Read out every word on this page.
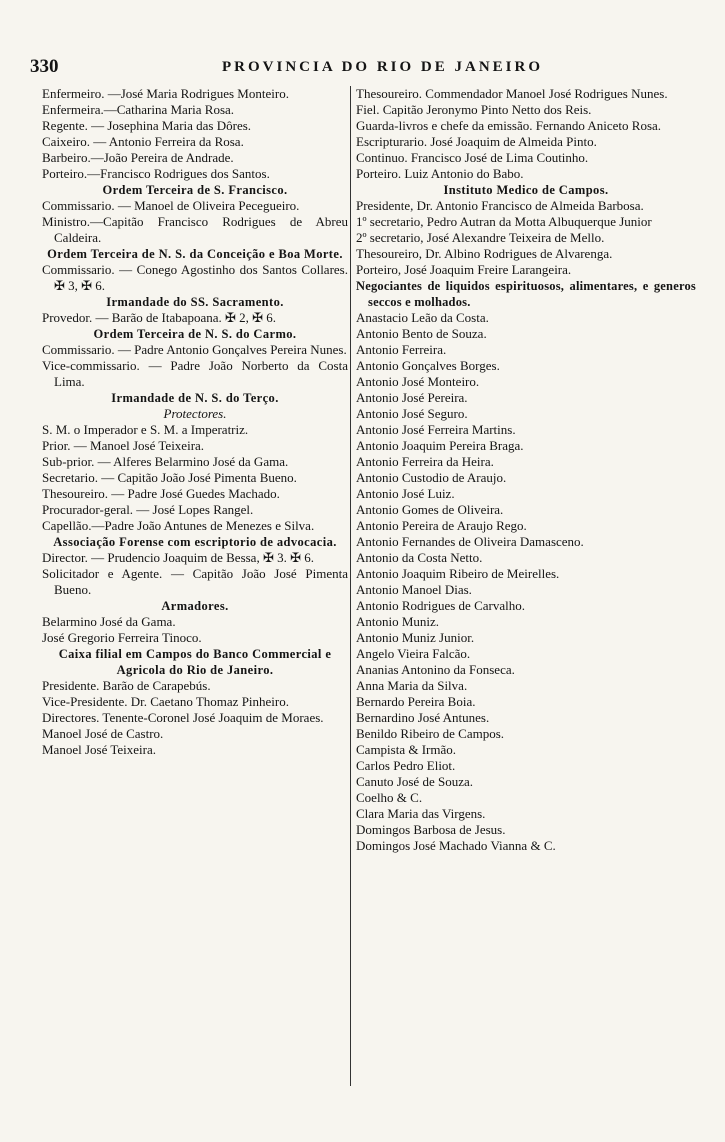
330	PROVINCIA DO RIO DE JANEIRO

Enfermeiro. —José Maria Rodrigues Monteiro.

Enfermeira.—Catharina Maria Rosa.

Regente. — Josephina Maria das Dôres.

Caixeiro. — Antonio Ferreira da Rosa.

Barbeiro.—João Pereira de Andrade.

Porteiro.—Francisco Rodrigues dos Santos.

Ordem Terceira de S. Francisco.

Commissario. — Manoel de Oliveira Pecegueiro.

Ministro.—Capitão Francisco Rodrigues de Abreu Caldeira.

Ordem Terceira de N. S. da Conceição e Boa Morte.

Commissario. — Conego Agostinho dos Santos Collares. ✠ 3, ✠ 6.

Irmandade do SS. Sacramento.

Provedor. — Barão de Itabapoana. ✠ 2, ✠ 6.

Ordem Terceira de N. S. do Carmo.

Commissario. — Padre Antonio Gonçalves Pereira Nunes.

Vice-commissario. — Padre João Norberto da Costa Lima.

Irmandade de N. S. do Terço.

Protectores.

S. M. o Imperador e S. M. a Imperatriz.

Prior. — Manoel José Teixeira.

Sub-prior. — Alferes Belarmino José da Gama.

Secretario. — Capitão João José Pimenta Bueno.

Thesoureiro. — Padre José Guedes Machado.

Procurador-geral. — José Lopes Rangel.

Capellão.—Padre João Antunes de Menezes e Silva.

Associação Forense com escriptorio de advocacia.

Director. — Prudencio Joaquim de Bessa, ✠ 3. ✠ 6.

Solicitador e Agente. — Capitão João José Pimenta Bueno.

Armadores.

Belarmino José da Gama.

José Gregorio Ferreira Tinoco.

Caixa filial em Campos do Banco Commercial e Agricola do Rio de Janeiro.

Presidente. Barão de Carapebús.

Vice-Presidente. Dr. Caetano Thomaz Pinheiro.

Directores. Tenente-Coronel José Joaquim de Moraes.

Manoel José de Castro.

Manoel José Teixeira.

Thesoureiro. Commendador Manoel José Rodrigues Nunes.

Fiel. Capitão Jeronymo Pinto Netto dos Reis.

Guarda-livros e chefe da emissão. Fernando Aniceto Rosa.

Escripturario. José Joaquim de Almeida Pinto.

Continuo. Francisco José de Lima Coutinho.

Porteiro. Luiz Antonio do Babo.

Instituto Medico de Campos.

Presidente, Dr. Antonio Francisco de Almeida Barbosa.

1º secretario, Pedro Autran da Motta Albuquerque Junior

2º secretario, José Alexandre Teixeira de Mello.

Thesoureiro, Dr. Albino Rodrigues de Alvarenga.

Porteiro, José Joaquim Freire Larangeira.

Negociantes de liquidos espirituosos, alimentares, e generos seccos e molhados.

Anastacio Leão da Costa.

Antonio Bento de Souza.

Antonio Ferreira.

Antonio Gonçalves Borges.

Antonio José Monteiro.

Antonio José Pereira.

Antonio José Seguro.

Antonio José Ferreira Martins.

Antonio Joaquim Pereira Braga.

Antonio Ferreira da Heira.

Antonio Custodio de Araujo.

Antonio José Luiz.

Antonio Gomes de Oliveira.

Antonio Pereira de Araujo Rego.

Antonio Fernandes de Oliveira Damasceno.

Antonio da Costa Netto.

Antonio Joaquim Ribeiro de Meirelles.

Antonio Manoel Dias.

Antonio Rodrigues de Carvalho.

Antonio Muniz.

Antonio Muniz Junior.

Angelo Vieira Falcão.

Ananias Antonino da Fonseca.

Anna Maria da Silva.

Bernardo Pereira Boia.

Bernardino José Antunes.

Benildo Ribeiro de Campos.

Campista & Irmão.

Carlos Pedro Eliot.

Canuto José de Souza.

Coelho & C.

Clara Maria das Virgens.

Domingos Barbosa de Jesus.

Domingos José Machado Vianna & C.
